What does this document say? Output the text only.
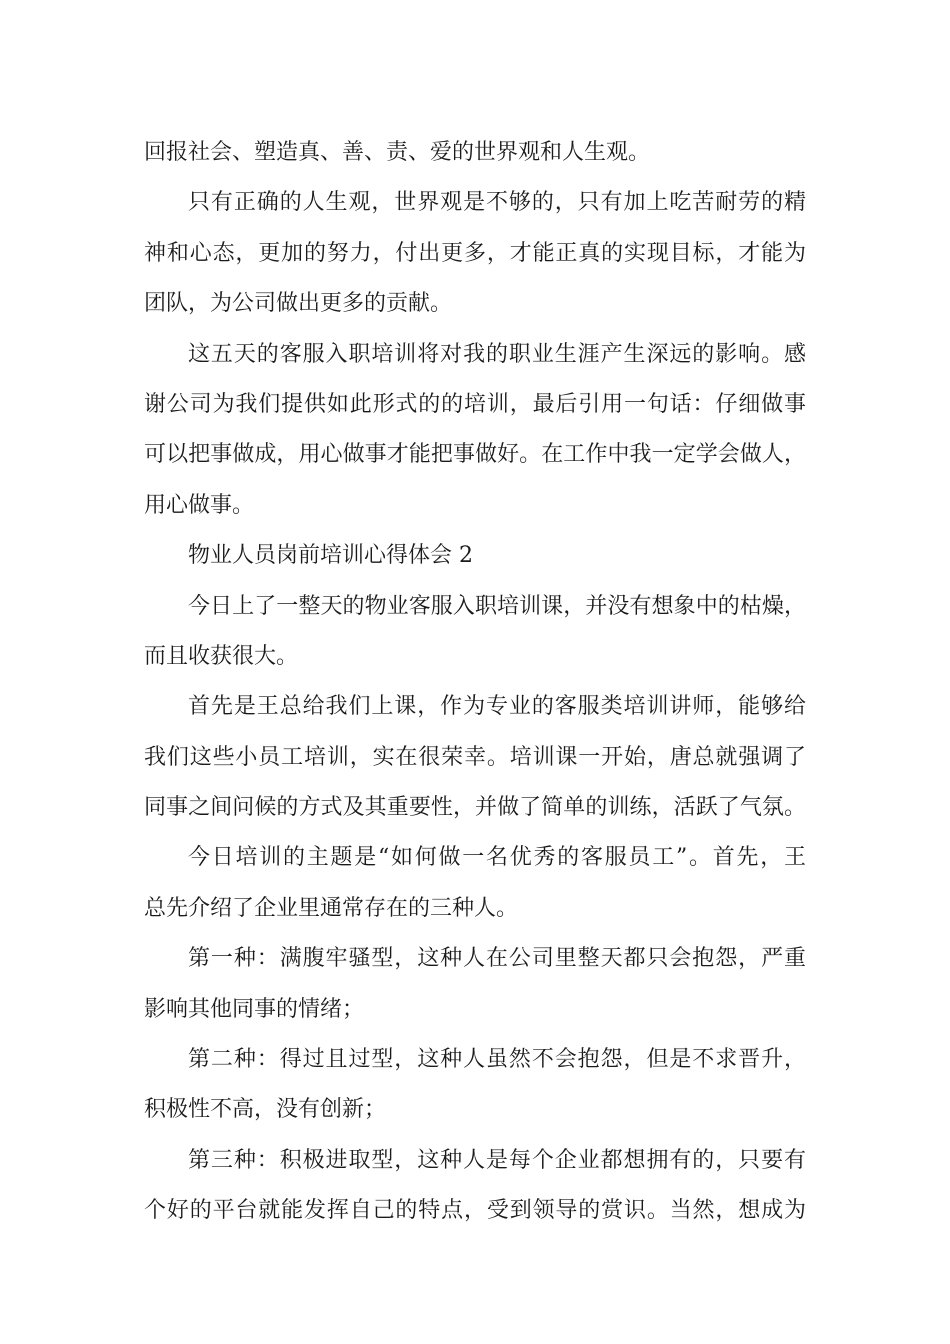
回报社会、塑造真、善、责、爱的世界观和人生观。
只有正确的人生观，世界观是不够的，只有加上吃苦耐劳的精
神和心态，更加的努力，付出更多，才能正真的实现目标，才能为
团队，为公司做出更多的贡献。
这五天的客服入职培训将对我的职业生涯产生深远的影响。感
谢公司为我们提供如此形式的的培训，最后引用一句话：仔细做事
可以把事做成，用心做事才能把事做好。在工作中我一定学会做人，
用心做事。
物业人员岗前培训心得体会 2
今日上了一整天的物业客服入职培训课，并没有想象中的枯燥，
而且收获很大。
首先是王总给我们上课，作为专业的客服类培训讲师，能够给
我们这些小员工培训，实在很荣幸。培训课一开始，唐总就强调了
同事之间问候的方式及其重要性，并做了简单的训练，活跃了气氛。
今日培训的主题是“如何做一名优秀的客服员工”。首先，王
总先介绍了企业里通常存在的三种人。
第一种：满腹牢骚型，这种人在公司里整天都只会抱怨，严重
影响其他同事的情绪；
第二种：得过且过型，这种人虽然不会抱怨，但是不求晋升，
积极性不高，没有创新；
第三种：积极进取型，这种人是每个企业都想拥有的，只要有
个好的平台就能发挥自己的特点，受到领导的赏识。当然，想成为
